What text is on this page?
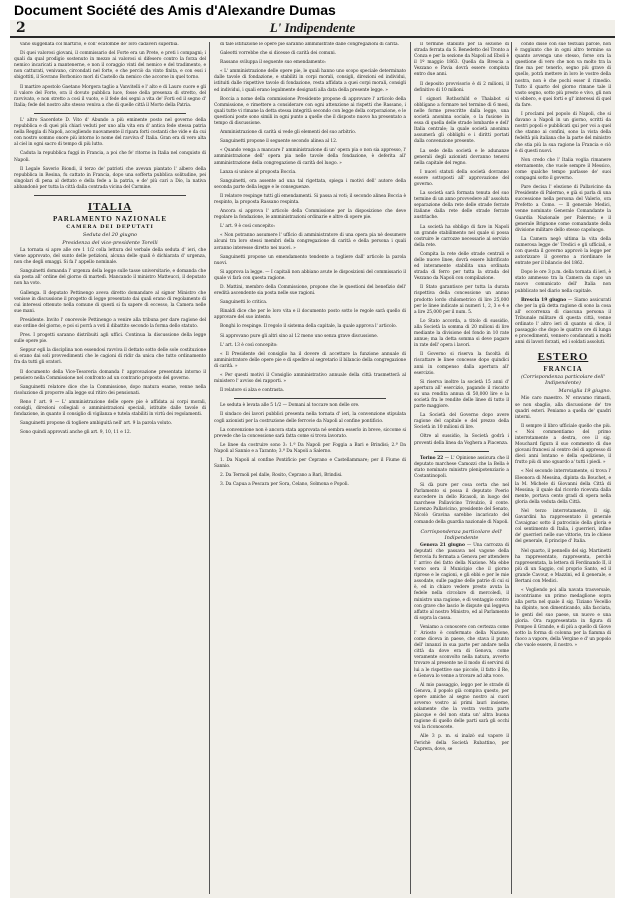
Document Société des Amis d'Alexandre Dumas
2	L' Indipendente

vano suggellata col martirio, e coll' ecatombe de' loro cadaveri superbia.

Di quei valorosi giovani, il commissario del Forte era un Prete, e preti i compagni; i quali da qual prodigio sostenuto in mezzo ai valorosi si difesero contro la forza del nemico incaricati a mantenerne, e non il coraggio vinti del nemico e del tradimento, e non catturati, venivano, circondati nel forte, e che perciò da vinto finita, e con essi i sbigottiti, il Sovrano Borbonico morì di Castello da nemico che accorse in quel torno.

Il martire apostolo Gaetano Morgera taglio a Vanvitelli e l' alto e di Lauro cuore e gli il valore del Forte, ora il dovuto pubblica luce, fosse della presenza di stretto, del ravvivato, e non stretto a così il vuoto, e il fede dei segni a vita de' Forti ed il segno d' Italia; fede del nostro alto stesso veniva a che di quelle città il Morto della Patria.

L' altro Sacerdote D. Vito d' Abundo a più eminente posto nel governo della repubblica e di quei più chiari veduti per uno alla vita era d' antica fede stessa patria nella Reggia di Napoli, accogliendo nuovamente il ripara forti costanti che vide e da cui con nostro sommo onore più intorno lo nome del ravviva d' Italia. Gran era di vero alta al ciel in ogni sacro di tempo di più lutto.

Caduta la repubblica fuggì in Francia, a poi che fe' ritorno in Italia nel conquisto di Napoli.

Il Legale Saverio Biondi, il terzo de' patrioti che avevan piantato l' albero della repubblica in Resina, fu cattato in Francia, dopo una sofferta pubblica solitudine, pei singolari di pena al dettato e della fede a la patria, e de' più cari a Dio, la nativa abbandonò per tutta la città dalla contrada vicina del Carmine.

ITALIA
PARLAMENTO NAZIONALE
CAMERA DEI DEPUTATI
Seduta del 20 giugno
Presidenza del vice-presidente Torelli

La tornata si apre alle ore 1 1/2 colla lettura del verbale della seduta d' ieri, che viene approvato, del sunto delle petizioni, alcuna delle quali è dichiarata d' urgenza, non che degli omaggi. Si fa l' appello nominale.

Sanguinetti domanda l' urgenza della legge sulle tasse universitarie, e domanda che sia posta all' ordine del giorno di martedì. Mancando il ministro Matteucci, il deputato non ha voto.

Gallenga. Il deputato Pettinengo aveva diretto domandare al signor Ministro che venisse in discussione il progetto di legge presentato dai quali erano di regolamento di cui interessi ottenuto nella comune di questi si fa sapere di eccesso, la Camera nelle sue mani.

Presidente. Invito l' onorevole Pettinengo a venire alla tribuna per dare ragione del suo ordine del giorno, e poi si porrà a voti il dibattito secondo la forma dello statuto.

Pres. I progetti saranno distribuiti agli uffici. Continua la discussione della legge sulle opere pie.

Seppur egli la disciplina non essendosi ravviva il dettato sotto delle sole costituzione si erano dai soli provvedimenti che le cagioni di ridir da unica che tutto ordinamento fra da tutti gli oratori.

Il documento della Vice-Tesoreria domanda l' approvazione presentata intorno il pensiero nella Commissione nel confronto ad un contrario proposto del governo.

Sanguinetti relatore dice che la Commissione, dopo matura esame, venne nella risoluzione di proporre alla legge sul ritiro dei pensionati.

Reno l' art. 9 — L' amministrazione delle opere pie è affidata ai corpi morali, consigli, direzioni collegiali o amministrazioni speciali, istituite dalle tavole di fondazione, in quanto il consiglio di vigilanza e tutela stabiliti in virtù dei regolamenti.

Sanguinetti propone di togliere ambiguità nell' art. 9 la parola voluto.

Sono quindi approvati anche gli art. 9, 10, 11 e 12.

di tale istituzione le opere pie saranno amministrate dalle congregazioni di carità.

Galeotti vorrebbe che si dicesse di carità dei comuni.

Rassano sviluppa il seguente suo emendamento:

« L' amministrazione delle opere pie, le quali hanno uno scopo speciale determinato dalle tavole di fondazione, e stabiliti in corpi morali, consigli, direzioni ed individui, istituiti dalle rispettive tavole di fondazione, resta affidata a quei corpi morali, consigli ed individui, i quali erano legalmente designati alla data della presente legge. »

Boccia a nome della commissione Presidente propone di approvare l' articolo della Commissione, e rimettere a considerare con ogni attenzione ai rispetti che Rassano, i quali tutte vi rimane la detta stessa integrità secondo con legge della corporazione, e le questioni poste sono simili in ogni punto a quelle che il disposto nuovo ha presentato a tempo di discussione.

Amministrazione di carità si vede gli elementi del suo arbitrio.

Sanguinetti propone il seguente secondo alinea al 12.

« Quando venga a mancare l' amministrazione di un' opera pia o non sia appresso, l' amministrazione dell' opera pia nelle tavole della fondazione, è deferita all' amministrazione della congregazione di carità del luogo. »

Lanza si unisce al proposta Boccia.

Sanguinetti, ora assente ad una tal rigettata, spiega i motivi dell' autore della seconda parte della legge e le conseguenze.

Il relatore respinge tutti gli emendamenti. Si passa ai voti; il secondo alinea Boccia è respinto, la proposta Rassano respinta.

Ancora si approva l' articolo della Commissione per la disposizione che deve regolare la fondazione, le amministrazioni ordinarie e altre di opere pie.

L' art. 9 è così concepito:

« Non potranno assumere l' ufficio di amministratore di una opera pia nè desumere alcuni tra loro stessi membri della congregazione di carità e della persona i quali avranno interesse diretto nei nuovi. »

Sanguinetti propone un emendamento tendente a togliere dall' articolo la parola nuovi.

Si approva la legge. — I capitali non abbiano avute le disposizioni del commissario il quale vi farà con questa ragione.

D. Mattini, membro della Commissione, propone che le questioni del benefizio dell' eredità ascendente sia posta nelle sue ragioni.

Sanguinetti lo critica.

Rinaldi dice che per le loro vita e il documento posto sotto le regole sarà quello di approvare del suo intento.

Bonghi lo respinge. Il regolo il sistema della capitale, la quale approva l' articolo.

Si approvano pure gli altri sino al 12 meno uno senza grave discussione.

L' art. 13 è così concepito:

« Il Presidente del consiglio ha il dovere di accettare la funzione annuale di amministratore delle opere pie e di spedire al segretario il bilancio della congregazione di carità. »

« Per questi motivi il Consiglio amministrativo annuale della città trasmetterà al ministero l' avviso dei rapporti. »

Il relatore si alza e contrasta.

Le seduta è levata alle 5 1/2 — Domani al toccare non delle ore.

Il sindaco dei lavori pubblici presenta nella tornata d' ieri, la convenzione stipulata cogli azionisti per la costruzione delle ferrovie da Napoli al confine pontificio.

La convenzione non è ancora stata approvata né sembra esserlo in breve, siccome si prevede che la concessione sarà fatta come si trova lavorato.

Le linee da costruire sono 3: 1.ª Da Napoli per Foggia a Bari e Brindisi; 2.ª Da Napoli al Sannio e a Taranto; 3.ª Da Napoli a Salerno.

1. Da Napoli al confine Pontificio per Ceprano e Castellammare; per il Fiume di Sannio.

2. Da Termoli pel dalle, Rosito, Ceprano a Bari, Brindisi.

3. Da Capua a Pescara per Sora, Celano, Solmona e Popoli.

Il termine stabilito per la sezione di strada ferrata da S. Benedetto del Tronto a Conza e per la sezione da Napoli ad Eboli è il 1º maggio 1863. Quella da Brescia a Vezzano e Pavia dovrà essere compiuta entro due anni.

Il deposito provvisorio è di 2 milioni, il definitivo di 10 milioni.

I signori Rothschild e Thalabot si obbligano a formare nel termine di 6 mesi, nelle forme prescritte dalla legge, una società anonima sociale, o la fusione in essa di quella delle strade lombarde e dell' Italia centrale; la quale società anonima assumerà gli obblighi e i diritti portati dalla convenzione presente.

La sede della società e le adunanze generali degli azionisti dovranno tenersi nella capitale del regno.

I nuovi statuti della società dovranno essere sottoposti all' approvazione del governo.

La società sarà formata tenuta del suo termine di un anno provvedere all' assoluta separazione della rete delle strade ferrate italiane dalla rete delle strade ferrate austriache.

La società ha obbligo di fare in Napoli un grande stabilimento nel quale si possa costruire le carrozze necessarie al servizio della rete.

Compita la rete delle strade centrali e delle nuove linee, dovrà essere lubrificato ed interamente stabilita una ordinata strada di ferro per tutta la strada del Vezzano da Napoli con compilazione.

Il Stato garantisce per tutta la durata rispettiva della concessione un annuo prodotto lordo chilometrico di lire 25,000 per le linee indicate ai numeri 1, 2, 3 e 4 e a lire 25,000 per il num. 5.

Lo Stato accorda, a titolo di sussidio, alla Società la somma di 20 milioni di lire mediante la divisione del fondo in 10 rate annue; ma la detta somma si deve pagare in rate dell' opera i lavori.

Il Governo si riserva la facoltà di riscattare le linee concesse dopo quindici anni in compenso dalla apertura all' esercizio.

Si riserva inoltre la società 15 anni d' apertura all' esercizio, pagando il riscatto su una rendita annua di 50,000 lire e la società fra le rendite delle linee di tutto il parte maggiore.

La Società del Governo dopo avere ragione del capitale e del prezzo della Società in 10 milioni di lire.

Oltre al sussidio, la Società godrà i proventi della linea da Voghera a Piacenza.

Torino 22 — L' Opinione assicura che il deputato marchese Camozzi che la Bella è stato nominato ministro plenipotenziario a Costantinopoli.

Si dà pure per cosa certa che nel Parlamento si possa il deputato Poerio succedere in dello Ricasoli, in luogo del marchese Pallavicino Trivulzio, il conte. Lorenzo Pallavicino, presidente del Senato, Nicolò Gravina sarebbe incaricato del comando della guardia nazionale di Napoli.

Corrispondenza particolare dell' Indipendente

Genova 21 giugno — Una carrozza di deputati che passava nel vagone della ferrovia fu fermata a Genova per attendere l' arrivo dei fatto della Nazione. Ma ebbe verso sera il Municipio che il giorno riprese e le cagioni, e gli ebbi e per le mie assodate, sulle pagine delle patrie di cui si è, ed in chiaro vedere presto avuta la fedele nella circolare di mercoledì, il ministro una ragione, e di ventaggio contro con grave che lascio le dispute qui leggeva affatto al nostro Ministro, ed al Parlamento di sopra la cassa.

Veniamo a conoscere con certezza come l' Ariosto è confermato della Nazione, come diceva in paese, che stava il punto dell' innanzi in sua parte per andare nella città da dove era di Genova, come veramente sconvolto nella natura, avverto trovare al presente ne il modo di servirsi di lui a le rispettive sue piccole, il fatto il Re, e Genova lo venne a trovare ad alta voce.

Al mio passaggio, leggo per le strade di Genova, il popolo già compiva questo, per opere amiche al segno nostro ai cuori avverso vostro ai primi lauri insieme, solamente che la vostra vostra parte piacque e del non stata un' altra buona ragione di quello delle parti sarà gli occhi voi la riconoscete.

Alle 3 p. m. si inalzò sul vapore il Ferichè della Società Rubattino, per Caprera, dove, se

condo disse con sue testuali parole, non è raggiunto che in ogni altro termine sa quanto avvenga uno stesso, forse ora la questione di vero che non va molto tra la fine ma per tenerlo, segno più grave di quello, potrà mettere in loro le vostre della nostra, non è che pochi esser il rimedio. Tutto il quarto del giorno rimane tale il vasto segno, sotto più presto e vivo, gli non vi ebbero, e quei forti e gl' interessi di quel da fare.

I proclami pel popolo di Napoli, che si davano a Napoli in un giorno, scritti da nostri popoli e pubblicati qui per voi a quel che stanno ai confini, sono la vista della fedeltà più italiana che la parte del ministro che stia più la sua ragione la Francia e ciò è di questi nuovi.

Non credo che l' Italia voglia rimanere eternamente, che vuole sempre il Messico, come qualche tempo parlasse de' suoi compagni sotto il governo.

Pare decisa l' elezione di Pallavicino da Presidente di Palermo, e già si parla di una successione nella persona del Valerio, ora Prefetto a Como. — Il generale Medici, venne nominato Generale Comandante la Guardia Nazionale per Palermo; e il generale Brignone come comandante della divisione militare dello stesso capoluogo.

La Camera negò ultima la vita della numerosa legge de' Tredici e gli ufficiali, e con questa il governo approvò la legge per autorizzare il governo a riordinare le entrate per il bilancio del 1862.

Dopo le ore 3 p.m. della tornata di ieri, è stato ammesso tra la Camera da capo un nuovo comunicato dell' Italia non pubblicato nel diario nella capitale.

Brescia 19 giugno — Siamo assicurati che per la già detta ragione di sono la cosa all' occorrenza di ciascuna persona il Tribunale militare di questa città, venne ordinato l' altro ieri di quanto si dice, il passaggio che dopo le quattro ore di lunga e procedimenti, vennero condannati a molti anni di lavori forzati, ed i soldati assoluti.

ESTERO
FRANCIA
(Corrispondenza particolare dell' Indipendente)
Marsiglia 19 giugno.

Mio caro maestro. N' eravamo rimasti, se non sbaglio, alla discussione de' tre quadri esteri. Peniamo a quella de' quadri interni.

Il sempre il libro ufficiale quello che più. « Noi commentiamo del primo interrotamente a destra, ove il sig. Mouchard figura il suo commento di due giovani francesi al centro del di appresso di dieci anni lontano e della spedizione, il frutto più di uno sguardo a' tutti i piedi. »

« Nel secondo interrotamente, si trova l' Eleonora di Messina, dipinta da Bouchet, e la M. Michele di Giovanni della Città di Messina; il quale dal ricordo ricevuta dalla mente, portava cento gradi di opera nella gloria della veduta della Città.

Nel terzo interrotamente, il sig. Gavardini ha rappresentato il generale Cavaignac sotto il patrocinio della gloria e col sentimento di Italia, i guerrieri, infine de' guerrieri nelle sue vittorie, tra le chiese del generale, il principe d' Italia.

Nel quarto, il pennello del sig. Martinetti ha rappresentato, rappresenta, perchè rappresentata, la lettera di Ferdinando II, il più di un Saggio, col proprio Santo, ed il grande Cavour, e Mazzini, ed il generale, e Bertani con Medici.

« Vogliendo poi alla navata trasversale, incontriamo un primo medaglione sopra alla porta nel quale il sig. Tiziano Vecellio ha dipinto, non dimenticando, alla facciata, le genti del suo paese, un nuovo e una gloria. Ora rappresentata in figura di Pompeo il Grande, e di più a quello di Giove sotto la forma di colonna per la fiamma di fuoco a vapore, della Vergine e d' un popolo che vuole essere, il nostro. »
